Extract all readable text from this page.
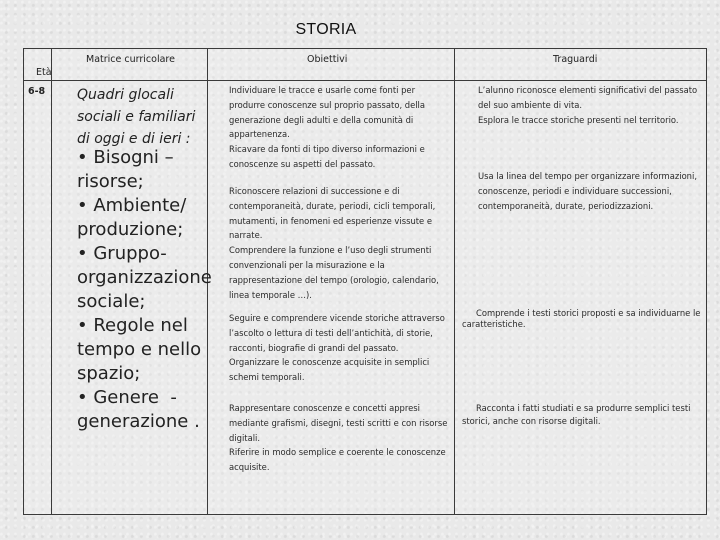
STORIA
Età
Matrice curricolare	Obiettivi	Traguardi
6-8 Quadri glocali
sociali e familiari
di oggi e di ieri :
• Bisogni –
risorse;
• Ambiente/
produzione;
• Gruppo-
organizzazione
sociale;
• Regole nel
tempo e nello
spazio;
• Genere  -
generazione .
Individuare le tracce e usarle come fonti per
produrre conoscenze sul proprio passato, della
generazione degli adulti e della comunità di
appartenenza.
Ricavare da fonti di tipo diverso informazioni e
conoscenze su aspetti del passato.
Riconoscere relazioni di successione e di
contemporaneità, durate, periodi, cicli temporali,
mutamenti, in fenomeni ed esperienze vissute e
narrate.
Comprendere la funzione e l’uso degli strumenti
convenzionali per la misurazione e la
rappresentazione del tempo (orologio, calendario,
linea temporale …).
Seguire e comprendere vicende storiche attraverso
l’ascolto o lettura di testi dell’antichità, di storie,
racconti, biografie di grandi del passato.
Organizzare le conoscenze acquisite in semplici
schemi temporali.
Rappresentare conoscenze e concetti appresi
mediante grafismi, disegni, testi scritti e con risorse
digitali.
Riferire in modo semplice e coerente le conoscenze
acquisite.
L’alunno riconosce elementi significativi del passato
del suo ambiente di vita.
Esplora le tracce storiche presenti nel territorio.
Usa la linea del tempo per organizzare informazioni,
conoscenze, periodi e individuare successioni,
contemporaneità, durate, periodizzazioni.
Comprende i testi storici proposti e sa individuarne le
caratteristiche.
Racconta i fatti studiati e sa produrre semplici testi
storici, anche con risorse digitali.
